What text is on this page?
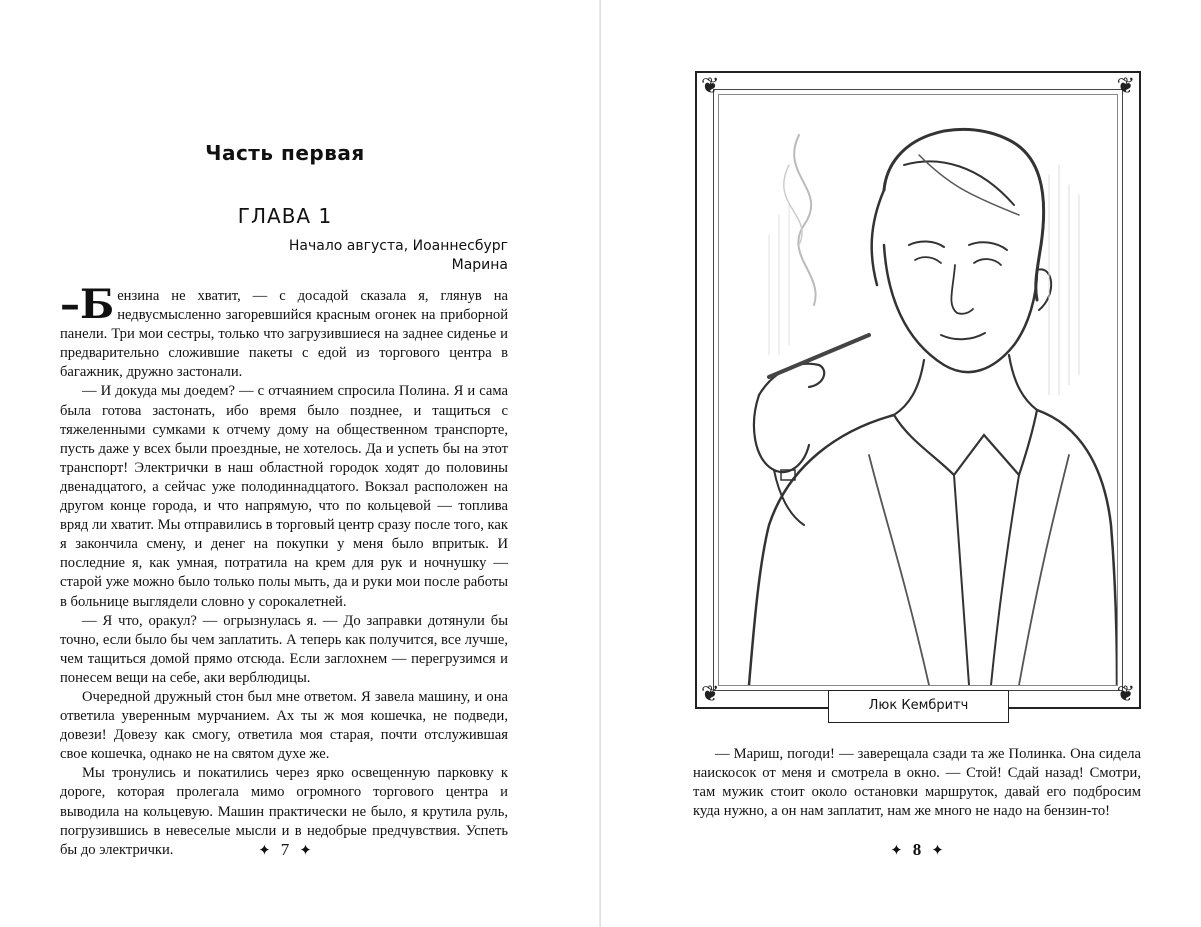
Часть первая
ГЛАВА 1
Начало августа, Иоаннесбург
Марина

–Б ензина не хватит, — с досадой сказала я, глянув на недвусмысленно загоревшийся красным огонек на приборной панели. Три мои сестры, только что загрузившиеся на заднее сиденье и предварительно сложившие пакеты с едой из торгового центра в багажник, дружно застонали.

— И докуда мы доедем? — с отчаянием спросила Полина. Я и сама была готова застонать, ибо время было позднее, и тащиться с тяжеленными сумками к отчему дому на общественном транспорте, пусть даже у всех были проездные, не хотелось. Да и успеть бы на этот транспорт! Электрички в наш областной городок ходят до половины двенадцатого, а сейчас уже полодиннадцатого. Вокзал расположен на другом конце города, и что напрямую, что по кольцевой — топлива вряд ли хватит. Мы отправились в торговый центр сразу после того, как я закончила смену, и денег на покупки у меня было впритык. И последние я, как умная, потратила на крем для рук и ночнушку — старой уже можно было только полы мыть, да и руки мои после работы в больнице выглядели словно у сорокалетней.

— Я что, оракул? — огрызнулась я. — До заправки дотянули бы точно, если было бы чем заплатить. А теперь как получится, все лучше, чем тащиться домой прямо отсюда. Если заглохнем — перегрузимся и понесем вещи на себе, аки верблюдицы.

Очередной дружный стон был мне ответом. Я завела машину, и она ответила уверенным мурчанием. Ах ты ж моя кошечка, не подведи, довези! Довезу как смогу, ответила моя старая, почти отслужившая свое кошечка, однако не на святом духе же.

Мы тронулись и покатились через ярко освещенную парковку к дороге, которая пролегала мимо огромного торгового центра и выводила на кольцевую. Машин практически не было, я крутила руль, погрузившись в невеселые мысли и в недобрые предчувствия. Успеть бы до электрички.	✦ 7 ✦
❦	❦
❦	❦
Люк Кембритч

— Мариш, погоди! — заверещала сзади та же Полинка. Она сидела наискосок от меня и смотрела в окно. — Стой! Сдай назад! Смотри, там мужик стоит около остановки маршруток, давай его подбросим куда нужно, а он нам заплатит, нам же много не надо на бензин-то!

✦ 8 ✦
